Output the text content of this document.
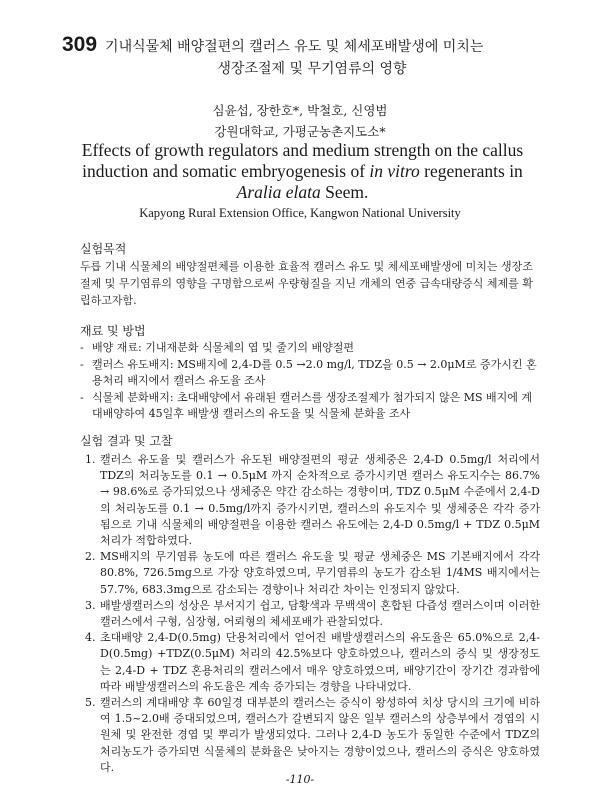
309 기내식물체 배양절편의 캘러스 유도 및 체세포배발생에 미치는
생장조절제 및 무기염류의 영향
심윤섭, 장한호*, 박철호, 신영범
강원대학교, 가평군농촌지도소*
Effects of growth regulators and medium strength on the callus induction and somatic embryogenesis of in vitro regenerants in Aralia elata Seem.
Kapyong Rural Extension Office, Kangwon National University
실험목적
두릅 기내 식물체의 배양절편체를 이용한 효율적 캘러스 유도 및 체세포배발생에 미치는 생장조절제 및 무기염류의 영향을 구명함으로써 우량형질을 지닌 개체의 연중 급속대량증식 체제를 확립하고자함.
재료 및 방법
- 배양 재료: 기내재분화 식물체의 엽 및 줄기의 배양절편
- 캘러스 유도배지: MS배지에 2,4-D를 0.5 →2.0 mg/l, TDZ을 0.5 → 2.0μM로 증가시킨 혼용처리 배지에서 캘러스 유도율 조사
- 식물체 분화배지: 초대배양에서 유래된 캘러스를 생장조절제가 첨가되지 않은 MS 배지에 계대배양하여 45일후 배발생 캘러스의 유도율 및 식물체 분화율 조사
실험 결과 및 고찰
1. 캘러스 유도율 및 캘러스가 유도된 배양절편의 평균 생체중은 2,4-D 0.5mg/l 처리에서 TDZ의 처리농도를 0.1 → 0.5μM 까지 순차적으로 증가시키면 캘러스 유도지수는 86.7% → 98.6%로 증가되었으나 생체중은 약간 감소하는 경향이며, TDZ 0.5μM 수준에서 2,4-D의 처리농도를 0.1 → 0.5mg/l까지 증가시키면, 캘러스의 유도지수 및 생체중은 각각 증가됨으로 기내 식물체의 배양절편을 이용한 캘러스 유도에는 2,4-D 0.5mg/l + TDZ 0.5μM 처리가 적합하였다.
2. MS배지의 무기염류 농도에 따른 캘러스 유도율 및 평균 생체중은 MS 기본배지에서 각각 80.8%, 726.5mg으로 가장 양호하였으며, 무기염류의 농도가 감소된 1/4MS 배지에서는 57.7%, 683.3mg으로 감소되는 경향이나 처리간 차이는 인정되지 않았다.
3. 배발생캘러스의 성상은 부서지기 쉽고, 담황색과 무백색이 혼합된 다즙성 캘러스이며 이러한 캘러스에서 구형, 심장형, 어뢰형의 체세포배가 관찰되었다.
4. 초대배양 2,4-D(0.5mg) 단용처리에서 얻어진 배발생캘러스의 유도율은 65.0%으로 2,4-D(0.5mg) +TDZ(0.5μM) 처리의 42.5%보다 양호하였으나, 캘러스의 증식 및 생장정도는 2,4-D + TDZ 혼용처리의 캘러스에서 매우 양호하였으며, 배양기간이 장기간 경과함에 따라 배발생캘러스의 유도율은 계속 증가되는 경향을 나타내었다.
5. 캘러스의 계대배양 후 60일경 대부분의 캘러스는 증식이 왕성하여 치상 당시의 크기에 비하여 1.5~2.0배 증대되었으며, 캘러스가 갈변되지 않은 일부 캘러스의 상층부에서 경엽의 시원체 및 완전한 경엽 및 뿌리가 발생되었다. 그러나 2,4-D 농도가 동일한 수준에서 TDZ의 처리농도가 증가되면 식물체의 분화율은 낮아지는 경향이었으나, 캘러스의 증식은 양호하였다.
-110-
